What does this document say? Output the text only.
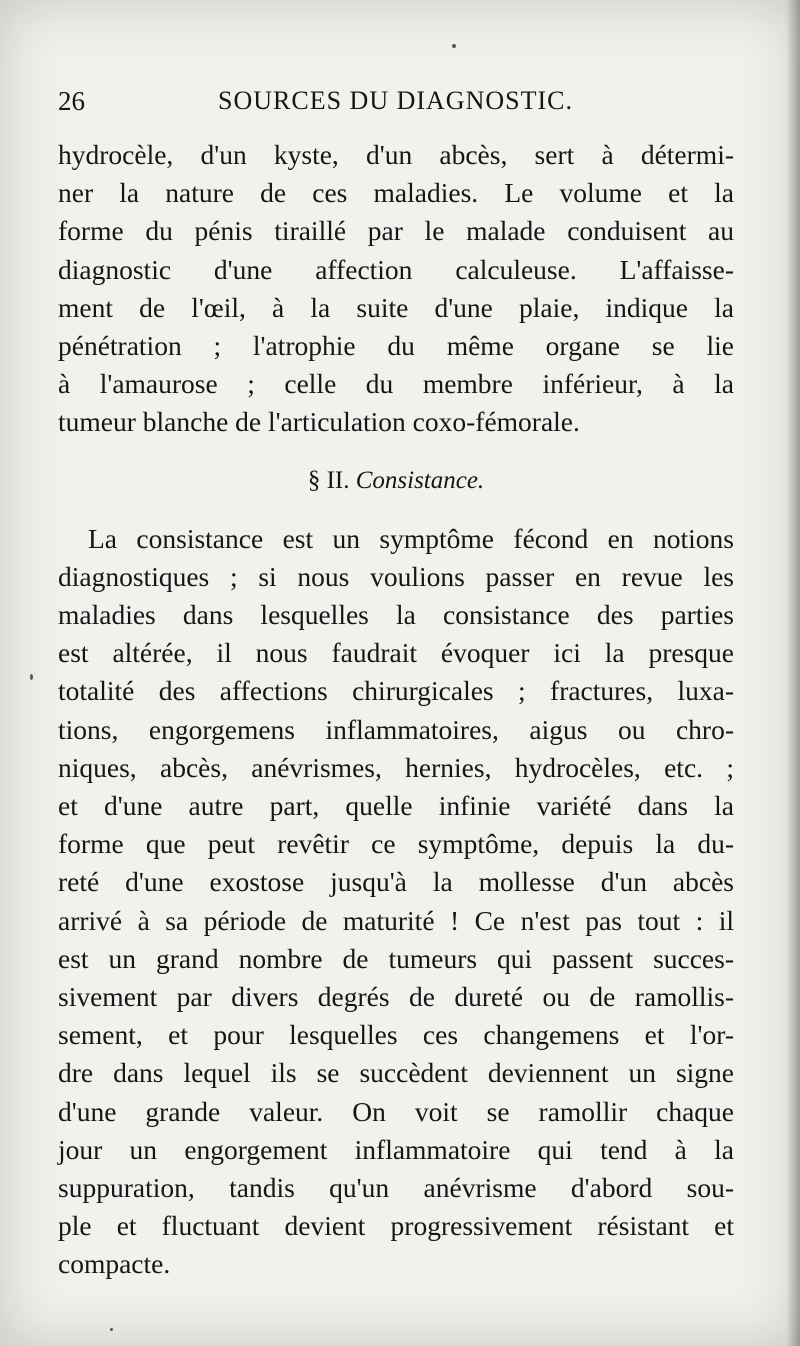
26	SOURCES DU DIAGNOSTIC.
hydrocèle, d'un kyste, d'un abcès, sert à détermi-
ner la nature de ces maladies. Le volume et la
forme du pénis tiraillé par le malade conduisent au
diagnostic d'une affection calculeuse. L'affaisse-
ment de l'œil, à la suite d'une plaie, indique la
pénétration ; l'atrophie du même organe se lie
à l'amaurose ; celle du membre inférieur, à la
tumeur blanche de l'articulation coxo-fémorale.
§ II. Consistance.
La consistance est un symptôme fécond en notions
diagnostiques ; si nous voulions passer en revue les
maladies dans lesquelles la consistance des parties
est altérée, il nous faudrait évoquer ici la presque
totalité des affections chirurgicales ; fractures, luxa-
tions, engorgemens inflammatoires, aigus ou chro-
niques, abcès, anévrismes, hernies, hydrocèles, etc. ;
et d'une autre part, quelle infinie variété dans la
forme que peut revêtir ce symptôme, depuis la du-
reté d'une exostose jusqu'à la mollesse d'un abcès
arrivé à sa période de maturité ! Ce n'est pas tout : il
est un grand nombre de tumeurs qui passent succes-
sivement par divers degrés de dureté ou de ramollis-
sement, et pour lesquelles ces changemens et l'or-
dre dans lequel ils se succèdent deviennent un signe
d'une grande valeur. On voit se ramollir chaque
jour un engorgement inflammatoire qui tend à la
suppuration, tandis qu'un anévrisme d'abord sou-
ple et fluctuant devient progressivement résistant et
compacte.
